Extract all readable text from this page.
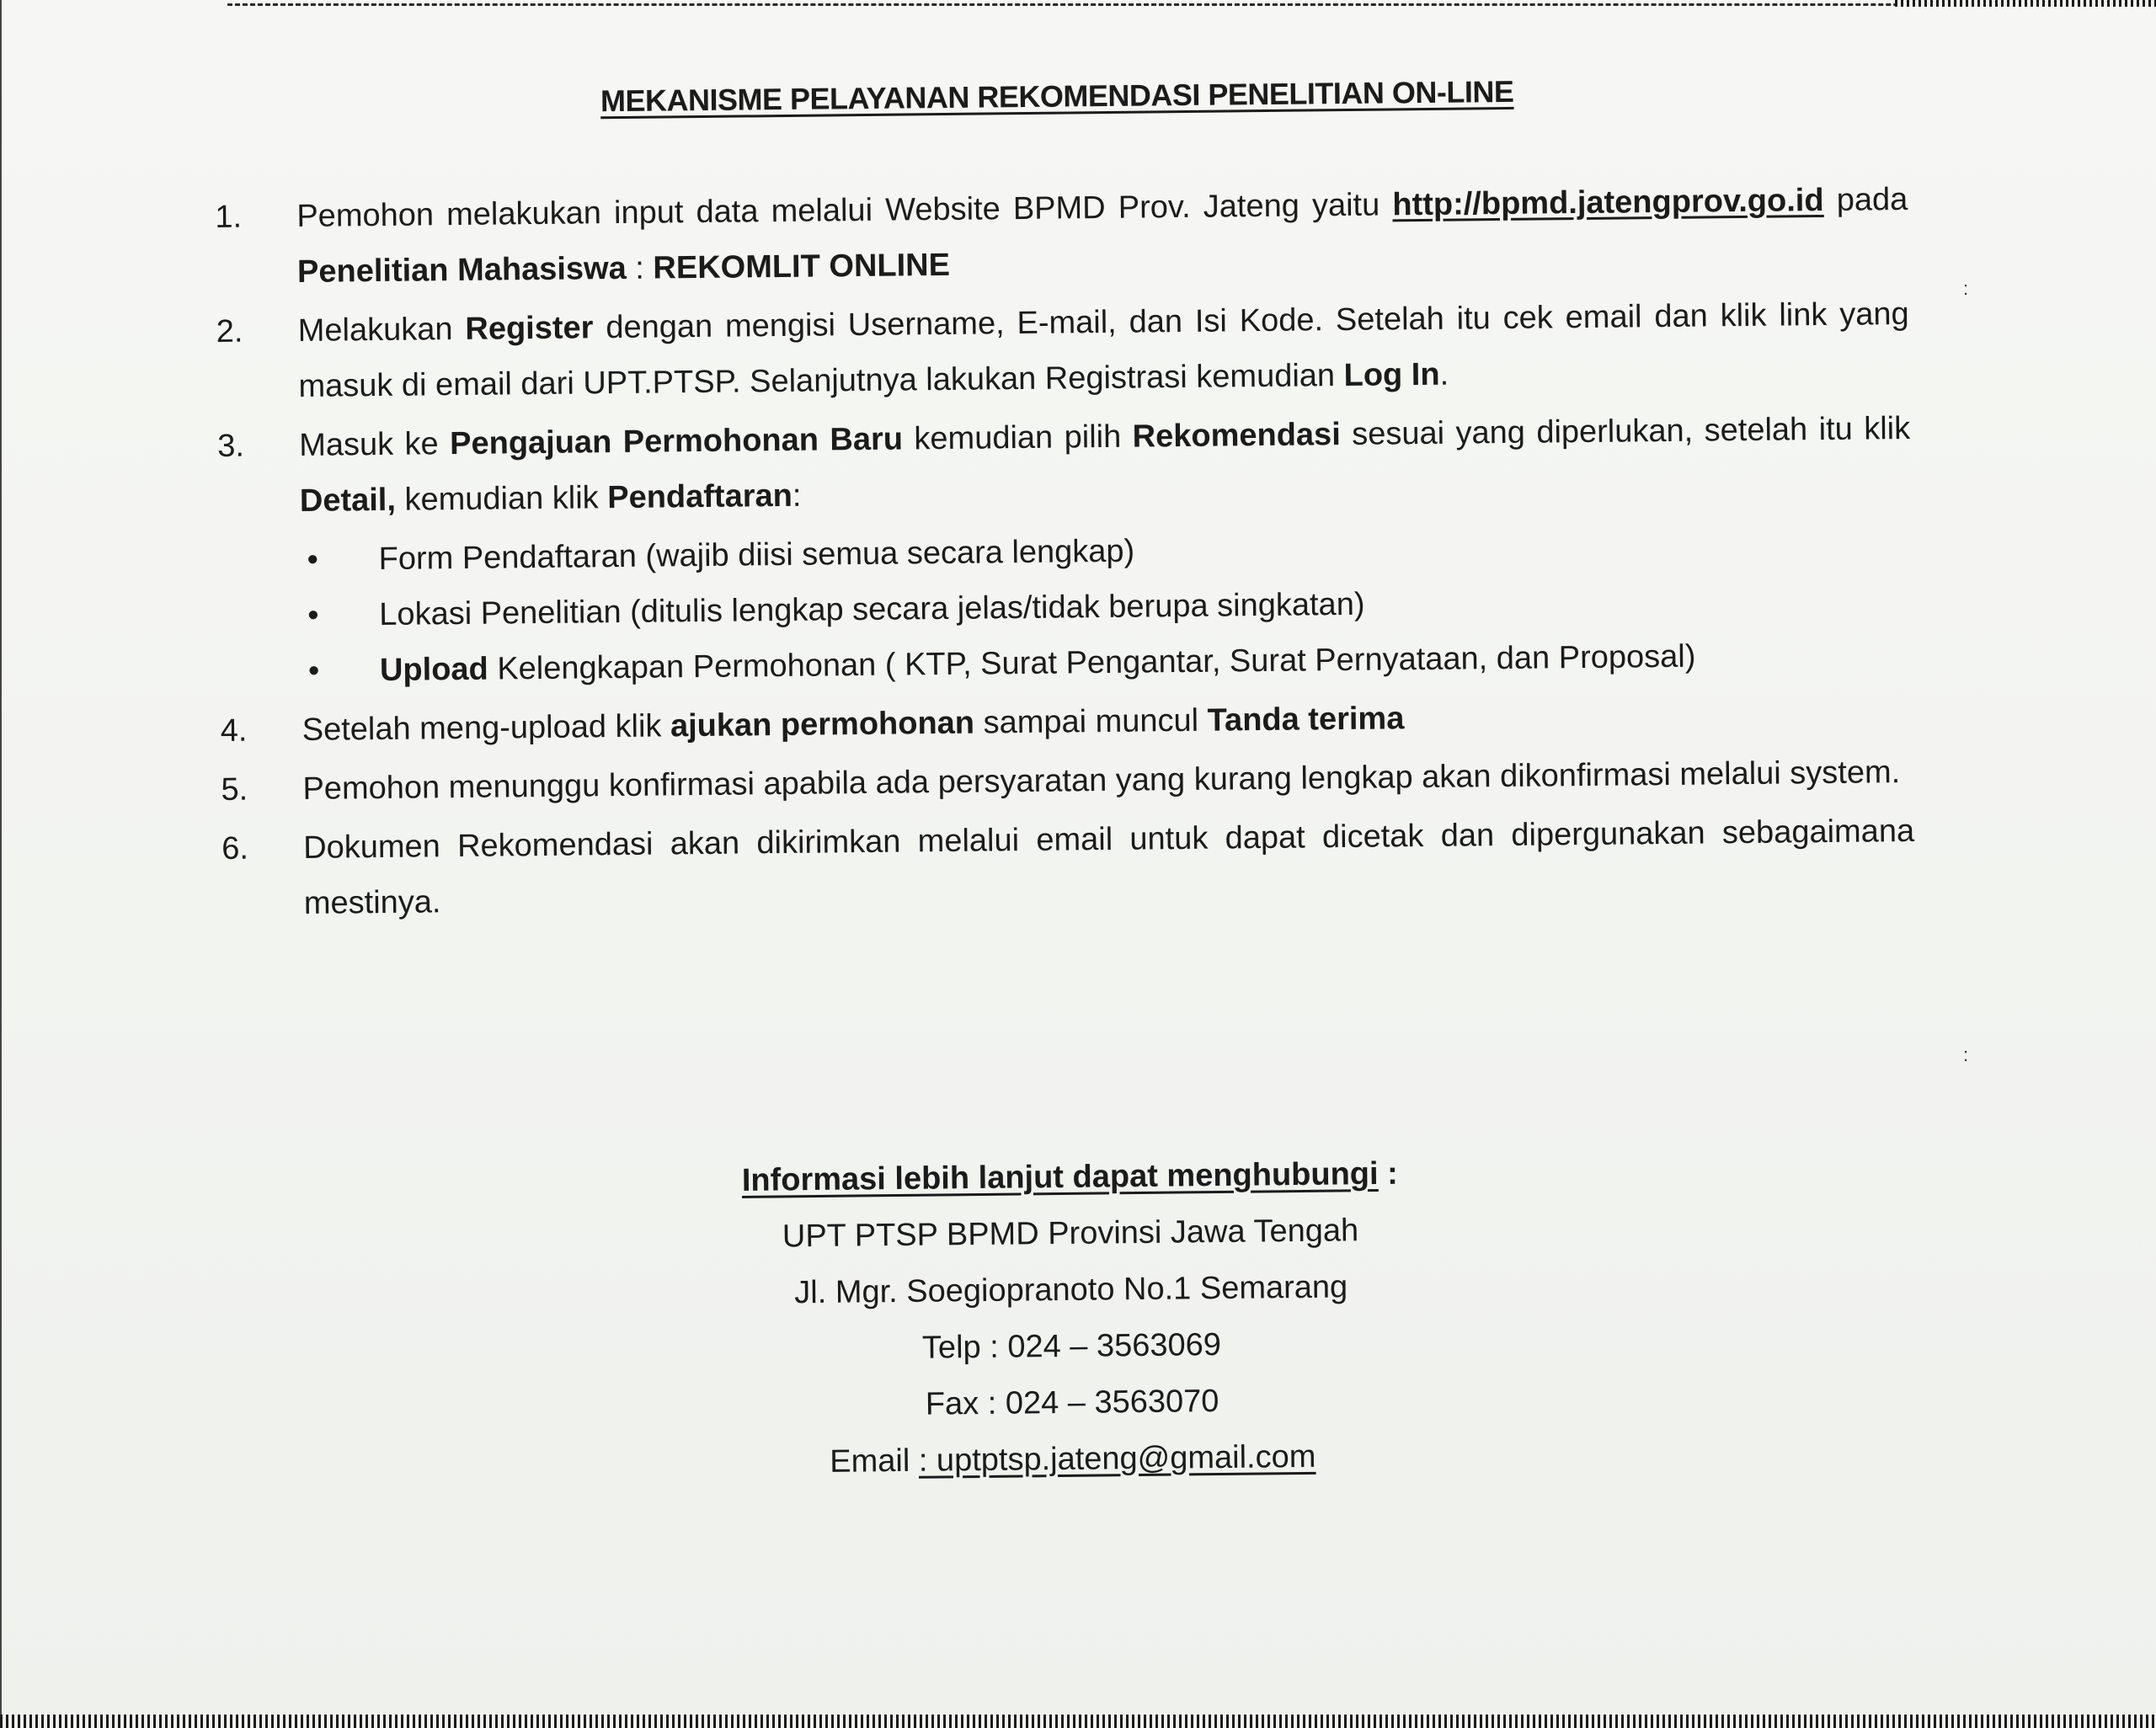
MEKANISME PELAYANAN REKOMENDASI PENELITIAN ON-LINE
1. Pemohon melakukan input data melalui Website BPMD Prov. Jateng yaitu http://bpmd.jatengprov.go.id pada Penelitian Mahasiswa : REKOMLIT ONLINE
2. Melakukan Register dengan mengisi Username, E-mail, dan Isi Kode. Setelah itu cek email dan klik link yang masuk di email dari UPT.PTSP. Selanjutnya lakukan Registrasi kemudian Log In.
3. Masuk ke Pengajuan Permohonan Baru kemudian pilih Rekomendasi sesuai yang diperlukan, setelah itu klik Detail, kemudian klik Pendaftaran:
• Form Pendaftaran (wajib diisi semua secara lengkap)
• Lokasi Penelitian (ditulis lengkap secara jelas/tidak berupa singkatan)
• Upload Kelengkapan Permohonan ( KTP, Surat Pengantar, Surat Pernyataan, dan Proposal)
4. Setelah meng-upload klik ajukan permohonan sampai muncul Tanda terima
5. Pemohon menunggu konfirmasi apabila ada persyaratan yang kurang lengkap akan dikonfirmasi melalui system.
6. Dokumen Rekomendasi akan dikirimkan melalui email untuk dapat dicetak dan dipergunakan sebagaimana mestinya.
Informasi lebih lanjut dapat menghubungi :
UPT PTSP BPMD Provinsi Jawa Tengah
Jl. Mgr. Soegiopranoto No.1 Semarang
Telp : 024 – 3563069
Fax : 024 – 3563070
Email : uptptsp.jateng@gmail.com
:
:
